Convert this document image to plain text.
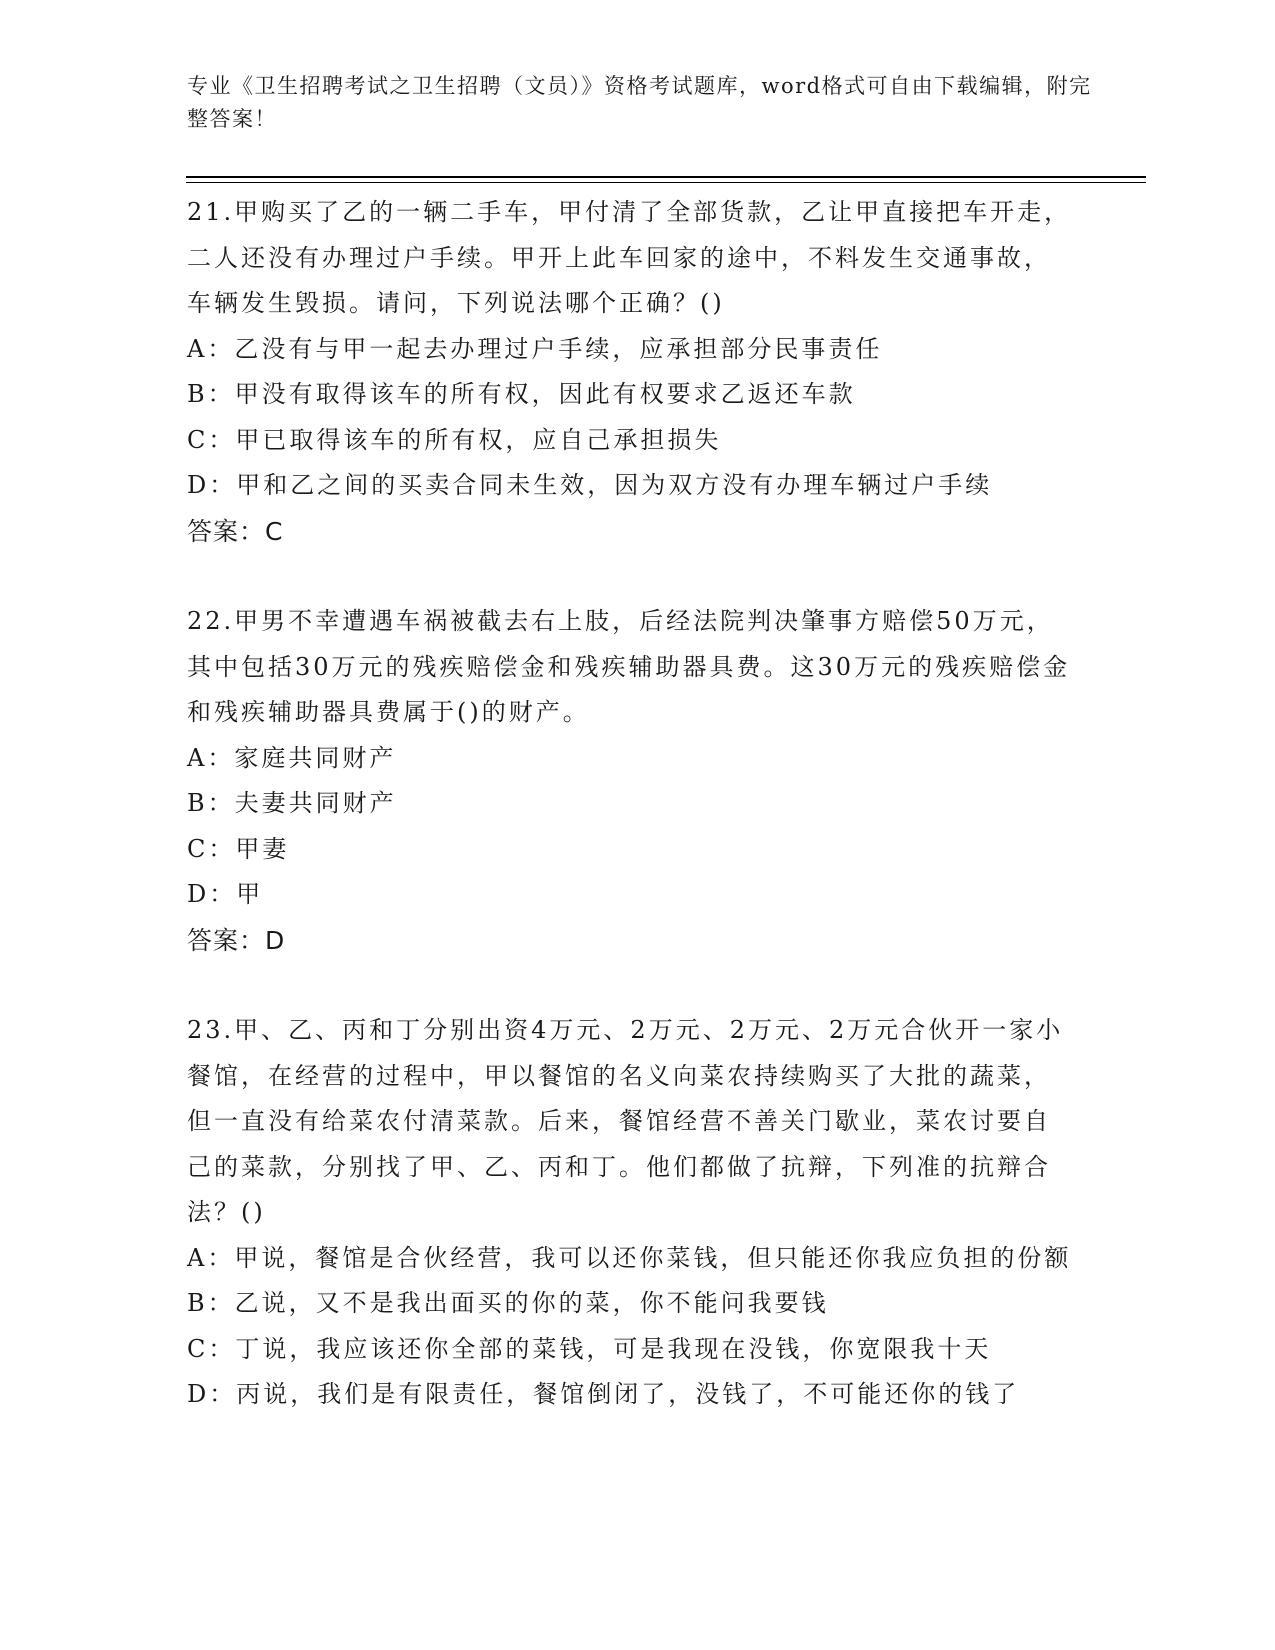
专业《卫生招聘考试之卫生招聘（文员）》资格考试题库，word格式可自由下载编辑，附完整答案！

21.甲购买了乙的一辆二手车，甲付清了全部货款，乙让甲直接把车开走，二人还没有办理过户手续。甲开上此车回家的途中，不料发生交通事故，车辆发生毁损。请问，下列说法哪个正确？()

A：乙没有与甲一起去办理过户手续，应承担部分民事责任

B：甲没有取得该车的所有权，因此有权要求乙返还车款

C：甲已取得该车的所有权，应自己承担损失

D：甲和乙之间的买卖合同未生效，因为双方没有办理车辆过户手续

答案：C

22.甲男不幸遭遇车祸被截去右上肢，后经法院判决肇事方赔偿50万元，其中包括30万元的残疾赔偿金和残疾辅助器具费。这30万元的残疾赔偿金和残疾辅助器具费属于()的财产。

A：家庭共同财产

B：夫妻共同财产

C：甲妻

D：甲

答案：D

23.甲、乙、丙和丁分别出资4万元、2万元、2万元、2万元合伙开一家小餐馆，在经营的过程中，甲以餐馆的名义向菜农持续购买了大批的蔬菜，但一直没有给菜农付清菜款。后来，餐馆经营不善关门歇业，菜农讨要自己的菜款，分别找了甲、乙、丙和丁。他们都做了抗辩，下列准的抗辩合法？()

A：甲说，餐馆是合伙经营，我可以还你菜钱，但只能还你我应负担的份额

B：乙说，又不是我出面买的你的菜，你不能问我要钱

C：丁说，我应该还你全部的菜钱，可是我现在没钱，你宽限我十天

D：丙说，我们是有限责任，餐馆倒闭了，没钱了，不可能还你的钱了
